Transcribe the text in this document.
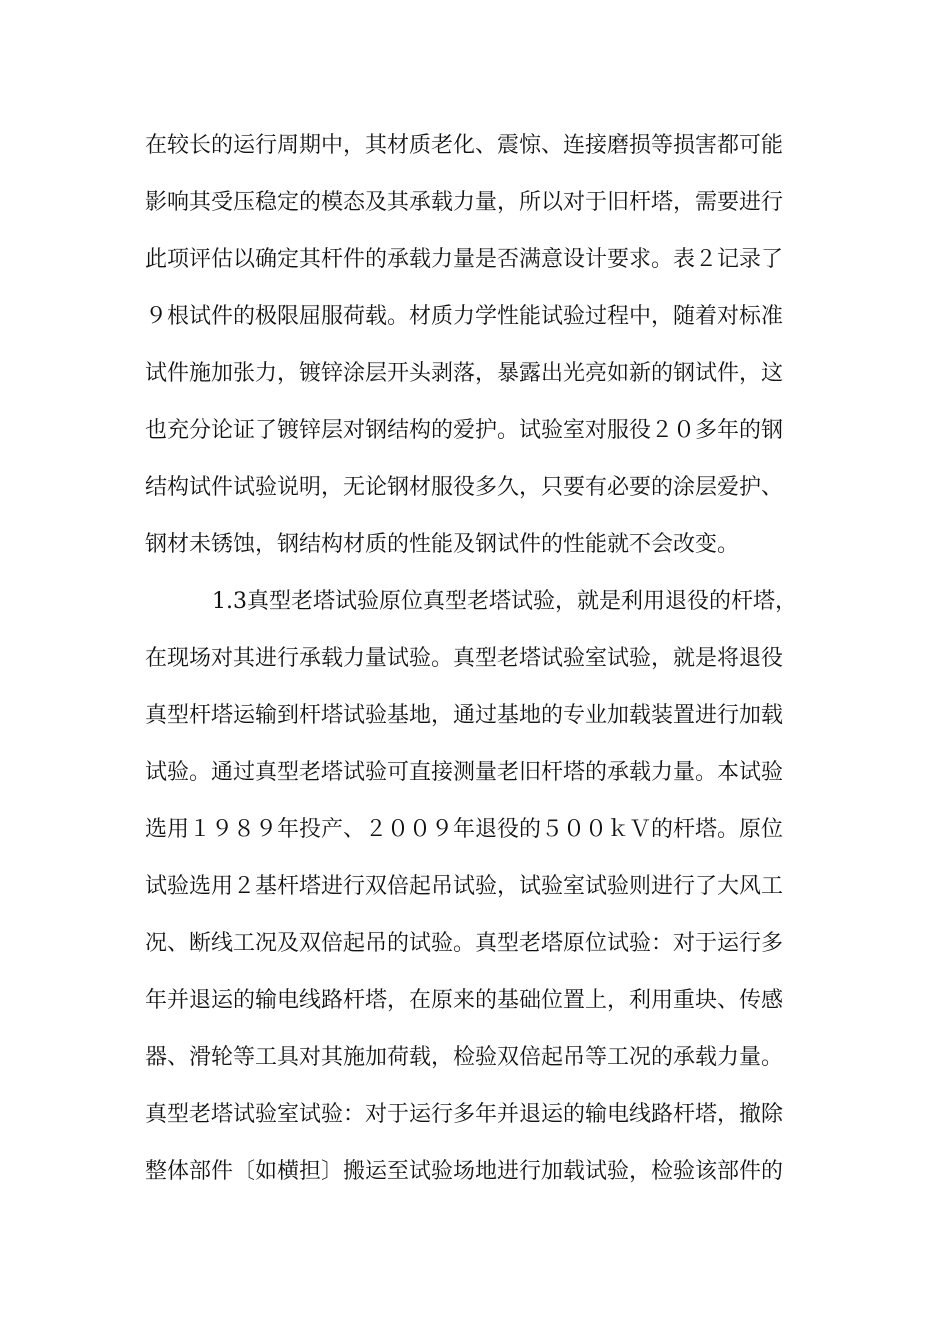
在较长的运行周期中，其材质老化、震惊、连接磨损等损害都可能
影响其受压稳定的模态及其承载力量，所以对于旧杆塔，需要进行
此项评估以确定其杆件的承载力量是否满意设计要求。表２记录了
９根试件的极限屈服荷载。材质力学性能试验过程中，随着对标准
试件施加张力，镀锌涂层开头剥落，暴露出光亮如新的钢试件，这
也充分论证了镀锌层对钢结构的爱护。试验室对服役２０多年的钢
结构试件试验说明，无论钢材服役多久，只要有必要的涂层爱护、
钢材未锈蚀，钢结构材质的性能及钢试件的性能就不会改变。
1.3真型老塔试验原位真型老塔试验，就是利用退役的杆塔，
在现场对其进行承载力量试验。真型老塔试验室试验，就是将退役
真型杆塔运输到杆塔试验基地，通过基地的专业加载装置进行加载
试验。通过真型老塔试验可直接测量老旧杆塔的承载力量。本试验
选用１９８９年投产、２００９年退役的５００ｋＶ的杆塔。原位
试验选用２基杆塔进行双倍起吊试验，试验室试验则进行了大风工
况、断线工况及双倍起吊的试验。真型老塔原位试验：对于运行多
年并退运的输电线路杆塔，在原来的基础位置上，利用重块、传感
器、滑轮等工具对其施加荷载，检验双倍起吊等工况的承载力量。
真型老塔试验室试验：对于运行多年并退运的输电线路杆塔，撤除
整体部件〔如横担〕搬运至试验场地进行加载试验，检验该部件的
